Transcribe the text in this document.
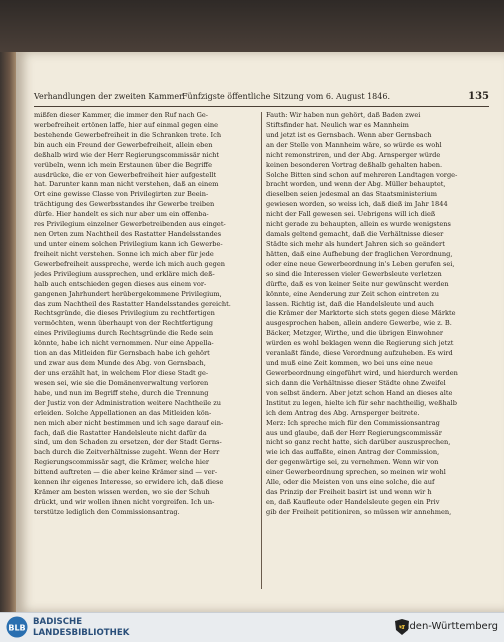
Verhandlungen der zweiten Kammer.
Fünfzigste öffentliche Sitzung vom 6. August 1846.	135
mißfen dieser Kammer, die immer den Ruf nach Ge-
werbefreiheit ertönen laffe, hier auf einmal gegen eine
bestehende Gewerbefreiheit in die Schranken trete. Ich
bin auch ein Freund der Gewerbefreiheit, allein eben
deßhalb wird wie der Herr Regierungscommissär nicht
verübeln, wenn ich mein Erstaunen über die Begriffe
ausdrücke, die er von Gewerbefreiheit hier aufgestellt
hat. Darunter kann man nicht verstehen, daß an einem
Ort eine gewisse Classe von Privilegirten zur Beein-
trächtigung des Gewerbsstandes ihr Gewerbe treiben
dürfe. Hier handelt es sich nur aber um ein offenba-
res Privilegium einzelner Gewerbetreibenden aus einget-
nen Orten zum Nachtheil des Rastatter Handelsstandes
und unter einem solchen Privilegium kann ich Gewerbe-
freiheit nicht verstehen. Sonne ich mich aber für jede
Gewerbefreiheit ausspreche, werde ich mich auch gegen
jedes Privilegium aussprechen, und erkläre mich deß-
halb auch entschieden gegen dieses aus einem vor-
gangenen Jahrhundert herübergekommene Privilegium,
das zum Nachtheil des Rastatter Handelsstandes gereicht.
Rechtsgründe, die dieses Privilegium zu rechtfertigen
vermöchten, wenn überhaupt von der Rechtfertigung
eines Privilegiums durch Rechtsgründe die Rede sein
könnte, habe ich nicht vernommen. Nur eine Appella-
tion an das Mitleiden für Gernsbach habe ich gehört
und zwar aus dem Munde des Abg. von Gernsbach,
der uns erzählt hat, in welchem Flor diese Stadt ge-
wesen sei, wie sie die Domänenverwaltung verloren
habe, und nun im Begriff stehe, durch die Trennung
der Justiz von der Administration weitere Nachtheile zu
erleiden. Solche Appellationen an das Mitleiden kön-
nen mich aber nicht bestimmen und ich sage darauf ein-
fach, daß die Rastatter Handelsleute nicht dafür da
sind, um den Schaden zu ersetzen, der der Stadt Gerns-
bach durch die Zeitverhältnisse zugeht. Wenn der Herr
Regierungscommissär sagt, die Krämer, welche hier
bittend auftreten — die aber keine Krämer sind — ver-
kennen ihr eigenes Interesse, so erwidere ich, daß diese
Krämer am besten wissen werden, wo sie der Schuh
drückt, und wir wollen ihnen nicht vorgreifen. Ich un-
terstütze lediglich den Commissionsantrag.
Fauth: Wir haben nun gehört, daß Baden zwei
Stiftsfinder hat. Neulich war es Mannheim
und jetzt ist es Gernsbach. Wenn aber Gernsbach
an der Stelle von Mannheim wäre, so würde es wohl
nicht remonstriren, und der Abg. Arnsperger würde
keinen besonderen Vortrag deßhalb gehalten haben.
Solche Bitten sind schon auf mehreren Landtagen vorge-
bracht worden, und wenn der Abg. Müller behauptet,
dieselben seien jedesmal an das Staatsministerium
gewiesen worden, so weiss ich, daß dieß im Jahr 1844
nicht der Fall gewesen sei. Uebrigens will ich dieß
nicht gerade zu behaupten, allein es wurde wenigstens
damals geltend gemacht, daß die Verhältnisse dieser
Städte sich mehr als hundert Jahren sich so geändert
hätten, daß eine Aufhebung der fraglichen Verordnung,
oder eine neue Gewerbeordnung in's Leben gerufen sei,
so sind die Interessen vieler Gewerbsleute verletzen
dürfte, daß es von keiner Seite nur gewünscht werden
könnte, eine Aenderung zur Zeit schon eintreten zu
lassen. Richtig ist, daß die Handelsleute und auch
die Krämer der Marktorte sich stets gegen diese Märkte
ausgesprochen haben, allein andere Gewerbe, wie z. B.
Bäcker, Metzger, Wirthe, und die übrigen Einwohner
würden es wohl beklagen wenn die Regierung sich jetzt
veranlaßt fände, diese Verordnung aufzuheben. Es wird
und muß eine Zeit kommen, wo bei uns eine neue
Gewerbeordnung eingeführt wird, und hierdurch werden
sich dann die Verhältnisse dieser Städte ohne Zweifel
von selbst ändern. Aber jetzt schon Hand an dieses alte
Institut zu legen, hielte ich für sehr nachtheilig, weßhalb
ich dem Antrag des Abg. Arnsperger beitrete.
Merz: Ich spreche mich für den Commissionsantrag
aus und glaube, daß der Herr Regierungscommissär
nicht so ganz recht hatte, sich darüber auszusprechen,
wie ich das auffaßte, einen Antrag der Commission,
der gegenwärtige sei, zu vernehmen. Wenn wir von
einer Gewerbeordnung sprechen, so meinen wir wohl
Alle, oder die Meisten von uns eine solche, die auf
das Prinzip der Freiheit basirt ist und wenn wir h
en, daß Kaufleute oder Handelsleute gegen ein Priv
gib der Freiheit petitioniren, so müssen wir annehmen,
BLB
BADISCHE
LANDESBIBLIOTHEK
Baden-Württemberg
